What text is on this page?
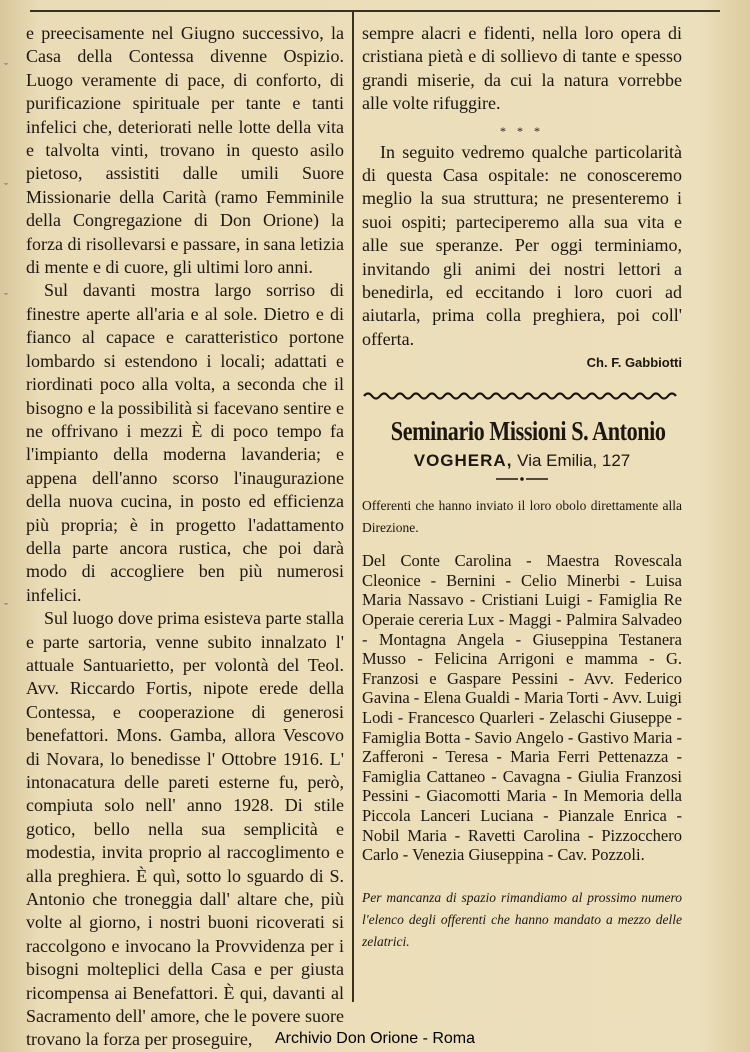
˘
˘
˘
˘

e preecisamente nel Giugno successivo, la Casa della Contessa divenne Ospizio. Luogo veramente di pace, di conforto, di purificazione spirituale per tante e tanti infelici che, deteriorati nelle lotte della vita e talvolta vinti, trovano in questo asilo pietoso, assistiti dalle umili Suore Missionarie della Carità (ramo Femminile della Congregazione di Don Orione) la forza di risollevarsi e passare, in sana letizia di mente e di cuore, gli ultimi loro anni.

Sul davanti mostra largo sorriso di finestre aperte all'aria e al sole. Dietro e di fianco al capace e caratteristico portone lombardo si estendono i locali; adattati e riordinati poco alla volta, a seconda che il bisogno e la possibilità si facevano sentire e ne offrivano i mezzi È di poco tempo fa l'impianto della moderna lavanderia; e appena dell'anno scorso l'inaugurazione della nuova cucina, in posto ed efficienza più propria; è in progetto l'adattamento della parte ancora rustica, che poi darà modo di accogliere ben più numerosi infelici.

Sul luogo dove prima esisteva parte stalla e parte sartoria, venne subito innalzato l' attuale Santuarietto, per volontà del Teol. Avv. Riccardo Fortis, nipote erede della Contessa, e cooperazione di generosi benefattori. Mons. Gamba, allora Vescovo di Novara, lo benedisse l' Ottobre 1916. L' intonacatura delle pareti esterne fu, però, compiuta solo nell' anno 1928. Di stile gotico, bello nella sua semplicità e modestia, invita proprio al raccoglimento e alla preghiera. È quì, sotto lo sguardo di S. Antonio che troneggia dall' altare che, più volte al giorno, i nostri buoni ricoverati si raccolgono e invocano la Provvidenza per i bisogni molteplici della Casa e per giusta ricompensa ai Benefattori. È qui, davanti al Sacramento dell' amore, che le povere suore trovano la forza per proseguire,

sempre alacri e fidenti, nella loro opera di cristiana pietà e di sollievo di tante e spesso grandi miserie, da cui la natura vorrebbe alle volte rifuggire.

* * *

In seguito vedremo qualche particolarità di questa Casa ospitale: ne conosceremo meglio la sua struttura; ne presenteremo i suoi ospiti; parteciperemo alla sua vita e alle sue speranze. Per oggi terminiamo, invitando gli animi dei nostri lettori a benedirla, ed eccitando i loro cuori ad aiutarla, prima colla preghiera, poi coll' offerta.

Ch. F. Gabbiotti

Seminario Missioni S. Antonio

VOGHERA, Via Emilia, 127

Offerenti che hanno inviato il loro obolo direttamente alla Direzione.

Del Conte Carolina - Maestra Rovescala Cleonice - Bernini - Celio Minerbi - Luisa Maria Nassavo - Cristiani Luigi - Famiglia Re Operaie cereria Lux - Maggi - Palmira Salvadeo - Montagna Angela - Giuseppina Testanera Musso - Felicina Arrigoni e mamma - G. Franzosi e Gaspare Pessini - Avv. Federico Gavina - Elena Gualdi - Maria Torti - Avv. Luigi Lodi - Francesco Quarleri - Zelaschi Giuseppe - Famiglia Botta - Savio Angelo - Gastivo Maria - Zafferoni - Teresa - Maria Ferri Pettenazza - Famiglia Cattaneo - Cavagna - Giulia Franzosi Pessini - Giacomotti Maria - In Memoria della Piccola Lanceri Luciana - Pianzale Enrica - Nobil Maria - Ravetti Carolina - Pizzocchero Carlo - Venezia Giuseppina - Cav. Pozzoli.

Per mancanza di spazio rimandiamo al prossimo numero l'elenco degli offerenti che hanno mandato a mezzo delle zelatrici.

Archivio Don Orione - Roma
